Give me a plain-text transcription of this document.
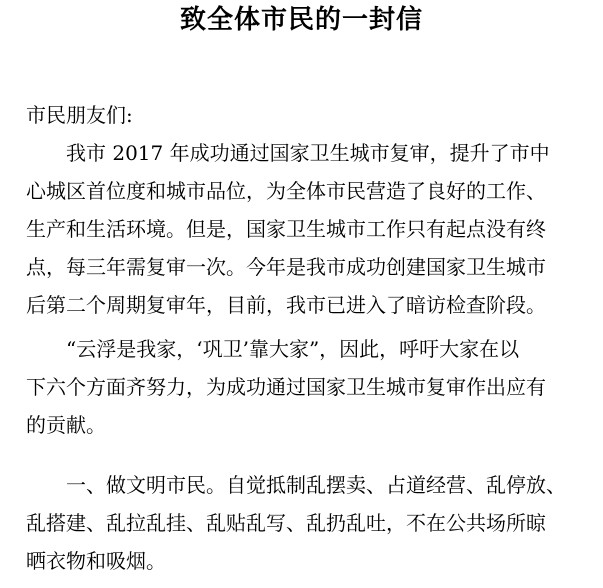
致全体市民的一封信

市民朋友们:

我市 2017 年成功通过国家卫生城市复审，提升了市中

心城区首位度和城市品位，为全体市民营造了良好的工作、

生产和生活环境。但是，国家卫生城市工作只有起点没有终

点，每三年需复审一次。今年是我市成功创建国家卫生城市

后第二个周期复审年，目前，我市已进入了暗访检查阶段。

“云浮是我家，‘巩卫’靠大家”，因此，呼吁大家在以

下六个方面齐努力，为成功通过国家卫生城市复审作出应有

的贡献。

一、做文明市民。自觉抵制乱摆卖、占道经营、乱停放、

乱搭建、乱拉乱挂、乱贴乱写、乱扔乱吐，不在公共场所晾

晒衣物和吸烟。
